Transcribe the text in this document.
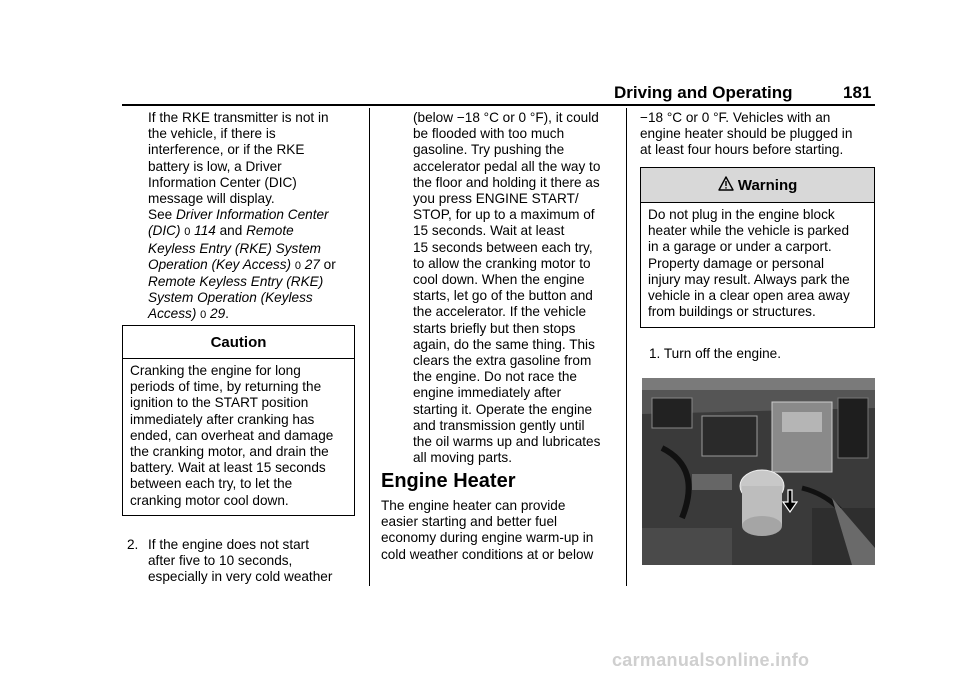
Driving and Operating	181
If the RKE transmitter is not in
the vehicle, if there is
interference, or if the RKE
battery is low, a Driver
Information Center (DIC)
message will display.
See Driver Information Center
(DIC) 0 114 and Remote
Keyless Entry (RKE) System
Operation (Key Access) 0 27 or
Remote Keyless Entry (RKE)
System Operation (Keyless
Access) 0 29.
Caution
Cranking the engine for long
periods of time, by returning the
ignition to the START position
immediately after cranking has
ended, can overheat and damage
the cranking motor, and drain the
battery. Wait at least 15 seconds
between each try, to let the
cranking motor cool down.
2. If the engine does not start
after five to 10 seconds,
especially in very cold weather
(below −18 °C or 0 °F), it could
be flooded with too much
gasoline. Try pushing the
accelerator pedal all the way to
the floor and holding it there as
you press ENGINE START/
STOP, for up to a maximum of
15 seconds. Wait at least
15 seconds between each try,
to allow the cranking motor to
cool down. When the engine
starts, let go of the button and
the accelerator. If the vehicle
starts briefly but then stops
again, do the same thing. This
clears the extra gasoline from
the engine. Do not race the
engine immediately after
starting it. Operate the engine
and transmission gently until
the oil warms up and lubricates
all moving parts.
Engine Heater
The engine heater can provide
easier starting and better fuel
economy during engine warm-up in
cold weather conditions at or below
−18 °C or 0 °F. Vehicles with an
engine heater should be plugged in
at least four hours before starting.
Warning
Do not plug in the engine block
heater while the vehicle is parked
in a garage or under a carport.
Property damage or personal
injury may result. Always park the
vehicle in a clear open area away
from buildings or structures.
1. Turn off the engine.
carmanualsonline.info
